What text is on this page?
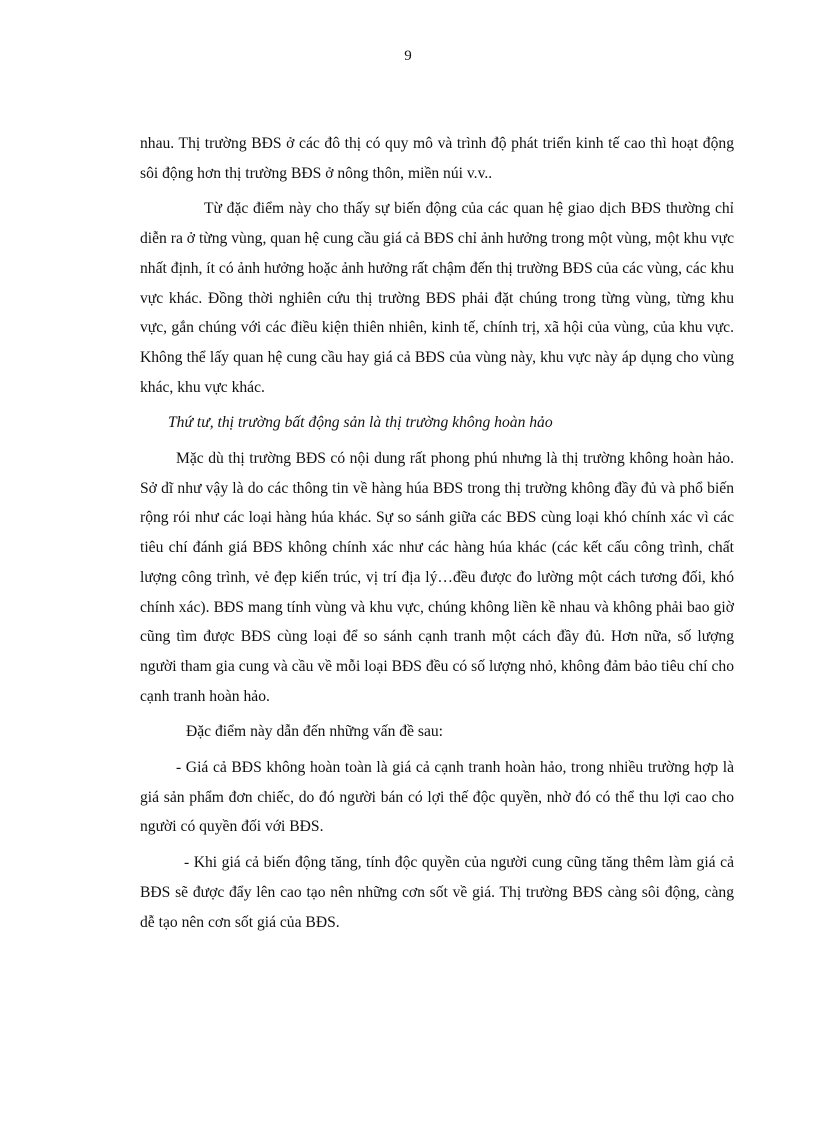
9

nhau. Thị trường BĐS ở các đô thị có quy mô và trình độ phát triển kinh tế cao thì hoạt động sôi động hơn thị trường BĐS ở nông thôn, miền núi v.v..

Từ đặc điểm này cho thấy sự biến động của các quan hệ giao dịch BĐS thường chỉ diễn ra ở từng vùng, quan hệ cung cầu giá cả BĐS chỉ ảnh hưởng trong một vùng, một khu vực nhất định, ít có ảnh hưởng hoặc ảnh hưởng rất chậm đến thị trường BĐS của các vùng, các khu vực khác. Đồng thời nghiên cứu thị trường BĐS phải đặt chúng trong từng vùng, từng khu vực, gắn chúng với các điều kiện thiên nhiên, kinh tế, chính trị, xã hội của vùng, của khu vực. Không thể lấy quan hệ cung cầu hay giá cả BĐS của vùng này, khu vực này áp dụng cho vùng khác, khu vực khác.

Thứ tư, thị trường bất động sản là thị trường không hoàn hảo

Mặc dù thị trường BĐS có nội dung rất phong phú nhưng là thị trường không hoàn hảo. Sở dĩ như vậy là do các thông tin về hàng húa BĐS trong thị trường không đầy đủ và phổ biến rộng rói như các loại hàng húa khác. Sự so sánh giữa các BĐS cùng loại khó chính xác vì các tiêu chí đánh giá BĐS không chính xác như các hàng húa khác (các kết cấu công trình, chất lượng công trình, vẻ đẹp kiến trúc, vị trí địa lý…đều được đo lường một cách tương đối, khó chính xác). BĐS mang tính vùng và khu vực, chúng không liền kề nhau và không phải bao giờ cũng tìm được BĐS cùng loại để so sánh cạnh tranh một cách đầy đủ. Hơn nữa, số lượng người tham gia cung và cầu về mỗi loại BĐS đều có số lượng nhỏ, không đảm bảo tiêu chí cho cạnh tranh hoàn hảo.

Đặc điểm này dẫn đến những vấn đề sau:

- Giá cả BĐS không hoàn toàn là giá cả cạnh tranh hoàn hảo, trong nhiều trường hợp là giá sản phẩm đơn chiếc, do đó người bán có lợi thế độc quyền, nhờ đó có thể thu lợi cao cho người có quyền đối với BĐS.

- Khi giá cả biến động tăng, tính độc quyền của người cung cũng tăng thêm làm giá cả BĐS sẽ được đẩy lên cao tạo nên những cơn sốt về giá. Thị trường BĐS càng sôi động, càng dễ tạo nên cơn sốt giá của BĐS.
